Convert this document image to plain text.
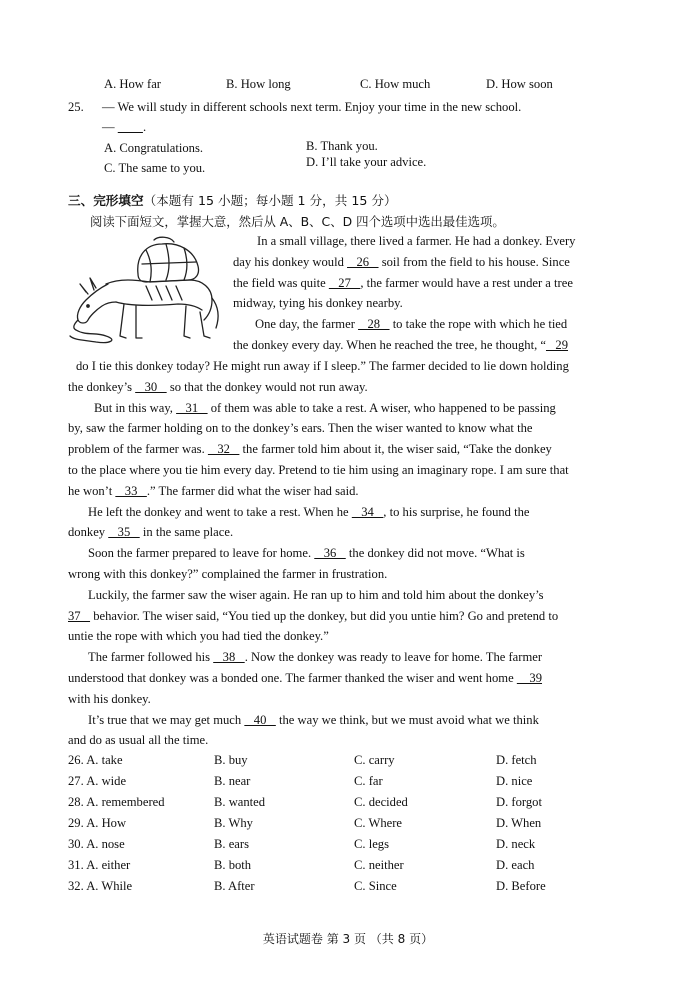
A. How far	B. How long	C. How much	D. How soon
25. — We will study in different schools next term. Enjoy your time in the new school.
— .
A. Congratulations.	B. Thank you.
C. The same to you.	D. I’ll take your advice.
三、完形填空（本题有 15 小题；每小题 1 分，共 15 分）
阅读下面短文，掌握大意，然后从 A、B、C、D 四个选项中选出最佳选项。

In a small village, there lived a farmer. He had a donkey. Every
day his donkey would    26    soil from the field to his house. Since
the field was quite    27   , the farmer would have a rest under a tree
midway, tying his donkey nearby.
One day, the farmer    28    to take the rope with which he tied
the donkey every day. When he reached the tree, he thought, “   29

do I tie this donkey today? He might run away if I sleep.” The farmer decided to lie down holding
the donkey’s    30    so that the donkey would not run away.
But in this way,    31    of them was able to take a rest. A wiser, who happened to be passing
by, saw the farmer holding on to the donkey’s ears. Then the wiser wanted to know what the
problem of the farmer was.    32    the farmer told him about it, the wiser said, “Take the donkey
to the place where you tie him every day. Pretend to tie him using an imaginary rope. I am sure that
he won’t    33   .” The farmer did what the wiser had said.
He left the donkey and went to take a rest. When he    34   , to his surprise, he found the
donkey    35    in the same place.
Soon the farmer prepared to leave for home.    36    the donkey did not move. “What is
wrong with this donkey?” complained the farmer in frustration.
Luckily, the farmer saw the wiser again. He ran up to him and told him about the donkey’s
37    behavior. The wiser said, “You tied up the donkey, but did you untie him? Go and pretend to
untie the rope with which you had tied the donkey.”
The farmer followed his    38   . Now the donkey was ready to leave for home. The farmer
understood that donkey was a bonded one. The farmer thanked the wiser and went home     39
with his donkey.
It’s true that we may get much    40    the way we think, but we must avoid what we think
and do as usual all the time.

26. A. take	B. buy	C. carry	D. fetch
27. A. wide	B. near	C. far	D. nice
28. A. remembered	B. wanted	C. decided	D. forgot
29. A. How	B. Why	C. Where	D. When
30. A. nose	B. ears	C. legs	D. neck
31. A. either	B. both	C. neither	D. each
32. A. While	B. After	C. Since	D. Before
英语试题卷 第 3 页 （共 8 页）
